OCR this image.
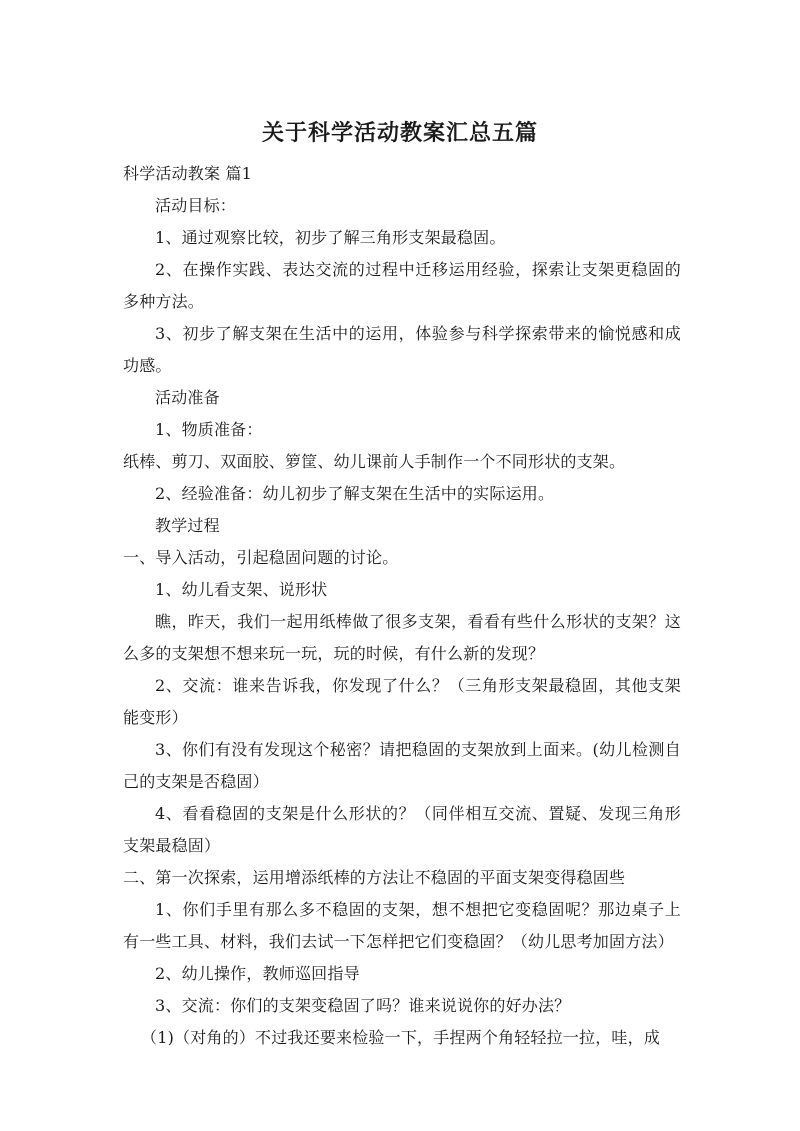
关于科学活动教案汇总五篇

科学活动教案 篇1

活动目标：

1、通过观察比较，初步了解三角形支架最稳固。

2、在操作实践、表达交流的过程中迁移运用经验，探索让支架更稳固的多种方法。

3、初步了解支架在生活中的运用，体验参与科学探索带来的愉悦感和成功感。

活动准备

1、物质准备：

纸棒、剪刀、双面胶、箩筐、幼儿课前人手制作一个不同形状的支架。

2、经验准备：幼儿初步了解支架在生活中的实际运用。

教学过程

一、导入活动，引起稳固问题的讨论。

1、幼儿看支架、说形状

瞧，昨天，我们一起用纸棒做了很多支架，看看有些什么形状的支架？这么多的支架想不想来玩一玩，玩的时候，有什么新的发现？

2、交流：谁来告诉我，你发现了什么？（三角形支架最稳固，其他支架能变形）

3、你们有没有发现这个秘密？请把稳固的支架放到上面来。(幼儿检测自己的支架是否稳固）

4、看看稳固的支架是什么形状的？（同伴相互交流、置疑、发现三角形支架最稳固）

二、第一次探索，运用增添纸棒的方法让不稳固的平面支架变得稳固些

1、你们手里有那么多不稳固的支架，想不想把它变稳固呢？那边桌子上有一些工具、材料，我们去试一下怎样把它们变稳固？（幼儿思考加固方法）

2、幼儿操作，教师巡回指导

3、交流：你们的支架变稳固了吗？谁来说说你的好办法？

（1)（对角的）不过我还要来检验一下，手捏两个角轻轻拉一拉，哇，成
